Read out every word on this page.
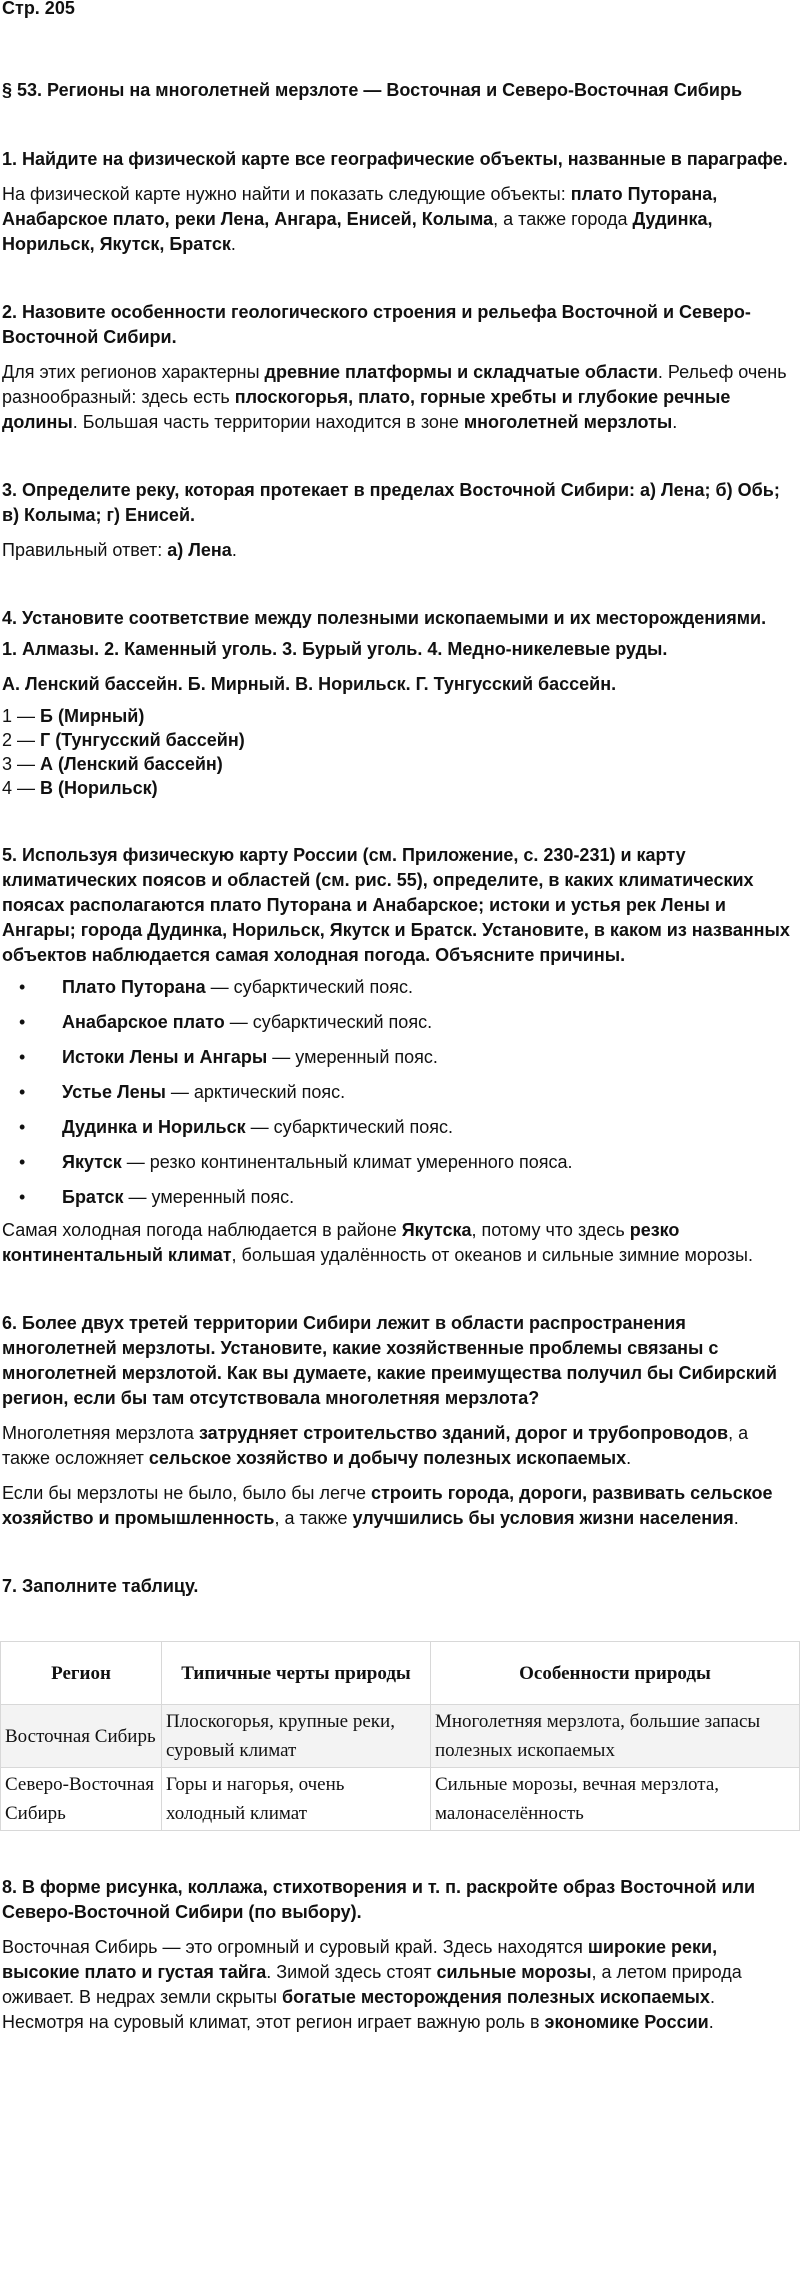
Стр. 205
§ 53. Регионы на многолетней мерзлоте — Восточная и Северо-Восточная Сибирь

1. Найдите на физической карте все географические объекты, названные в параграфе.

На физической карте нужно найти и показать следующие объекты: плато Путорана, Анабарское плато, реки Лена, Ангара, Енисей, Колыма, а также города Дудинка, Норильск, Якутск, Братск.

2. Назовите особенности геологического строения и рельефа Восточной и Северо-Восточной Сибири.

Для этих регионов характерны древние платформы и складчатые области. Рельеф очень разнообразный: здесь есть плоскогорья, плато, горные хребты и глубокие речные долины. Большая часть территории находится в зоне многолетней мерзлоты.

3. Определите реку, которая протекает в пределах Восточной Сибири: а) Лена; б) Обь; в) Колыма; г) Енисей.

Правильный ответ: а) Лена.

4. Установите соответствие между полезными ископаемыми и их месторождениями.

1. Алмазы. 2. Каменный уголь. 3. Бурый уголь. 4. Медно-никелевые руды.

А. Ленский бассейн. Б. Мирный. В. Норильск. Г. Тунгусский бассейн.

1 — Б (Мирный)
2 — Г (Тунгусский бассейн)
3 — А (Ленский бассейн)
4 — В (Норильск)

5. Используя физическую карту России (см. Приложение, с. 230-231) и карту климатических поясов и областей (см. рис. 55), определите, в каких климатических поясах располагаются плато Путорана и Анабарское; истоки и устья рек Лены и Ангары; города Дудинка, Норильск, Якутск и Братск. Установите, в каком из названных объектов наблюдается самая холодная погода. Объясните причины.

• Плато Путорана — субарктический пояс.
• Анабарское плато — субарктический пояс.
• Истоки Лены и Ангары — умеренный пояс.
• Устье Лены — арктический пояс.
• Дудинка и Норильск — субарктический пояс.
• Якутск — резко континентальный климат умеренного пояса.
• Братск — умеренный пояс.

Самая холодная погода наблюдается в районе Якутска, потому что здесь резко континентальный климат, большая удалённость от океанов и сильные зимние морозы.

6. Более двух третей территории Сибири лежит в области распространения многолетней мерзлоты. Установите, какие хозяйственные проблемы связаны с многолетней мерзлотой. Как вы думаете, какие преимущества получил бы Сибирский регион, если бы там отсутствовала многолетняя мерзлота?

Многолетняя мерзлота затрудняет строительство зданий, дорог и трубопроводов, а также осложняет сельское хозяйство и добычу полезных ископаемых.

Если бы мерзлоты не было, было бы легче строить города, дороги, развивать сельское хозяйство и промышленность, а также улучшились бы условия жизни населения.

7. Заполните таблицу.

Регион	Типичные черты природы	Особенности природы
Восточная Сибирь	Плоскогорья, крупные реки, суровый климат	Многолетняя мерзлота, большие запасы полезных ископаемых
Северо-Восточная Сибирь	Горы и нагорья, очень холодный климат	Сильные морозы, вечная мерзлота, малонаселённость

8. В форме рисунка, коллажа, стихотворения и т. п. раскройте образ Восточной или Северо-Восточной Сибири (по выбору).

Восточная Сибирь — это огромный и суровый край. Здесь находятся широкие реки, высокие плато и густая тайга. Зимой здесь стоят сильные морозы, а летом природа оживает. В недрах земли скрыты богатые месторождения полезных ископаемых. Несмотря на суровый климат, этот регион играет важную роль в экономике России.
